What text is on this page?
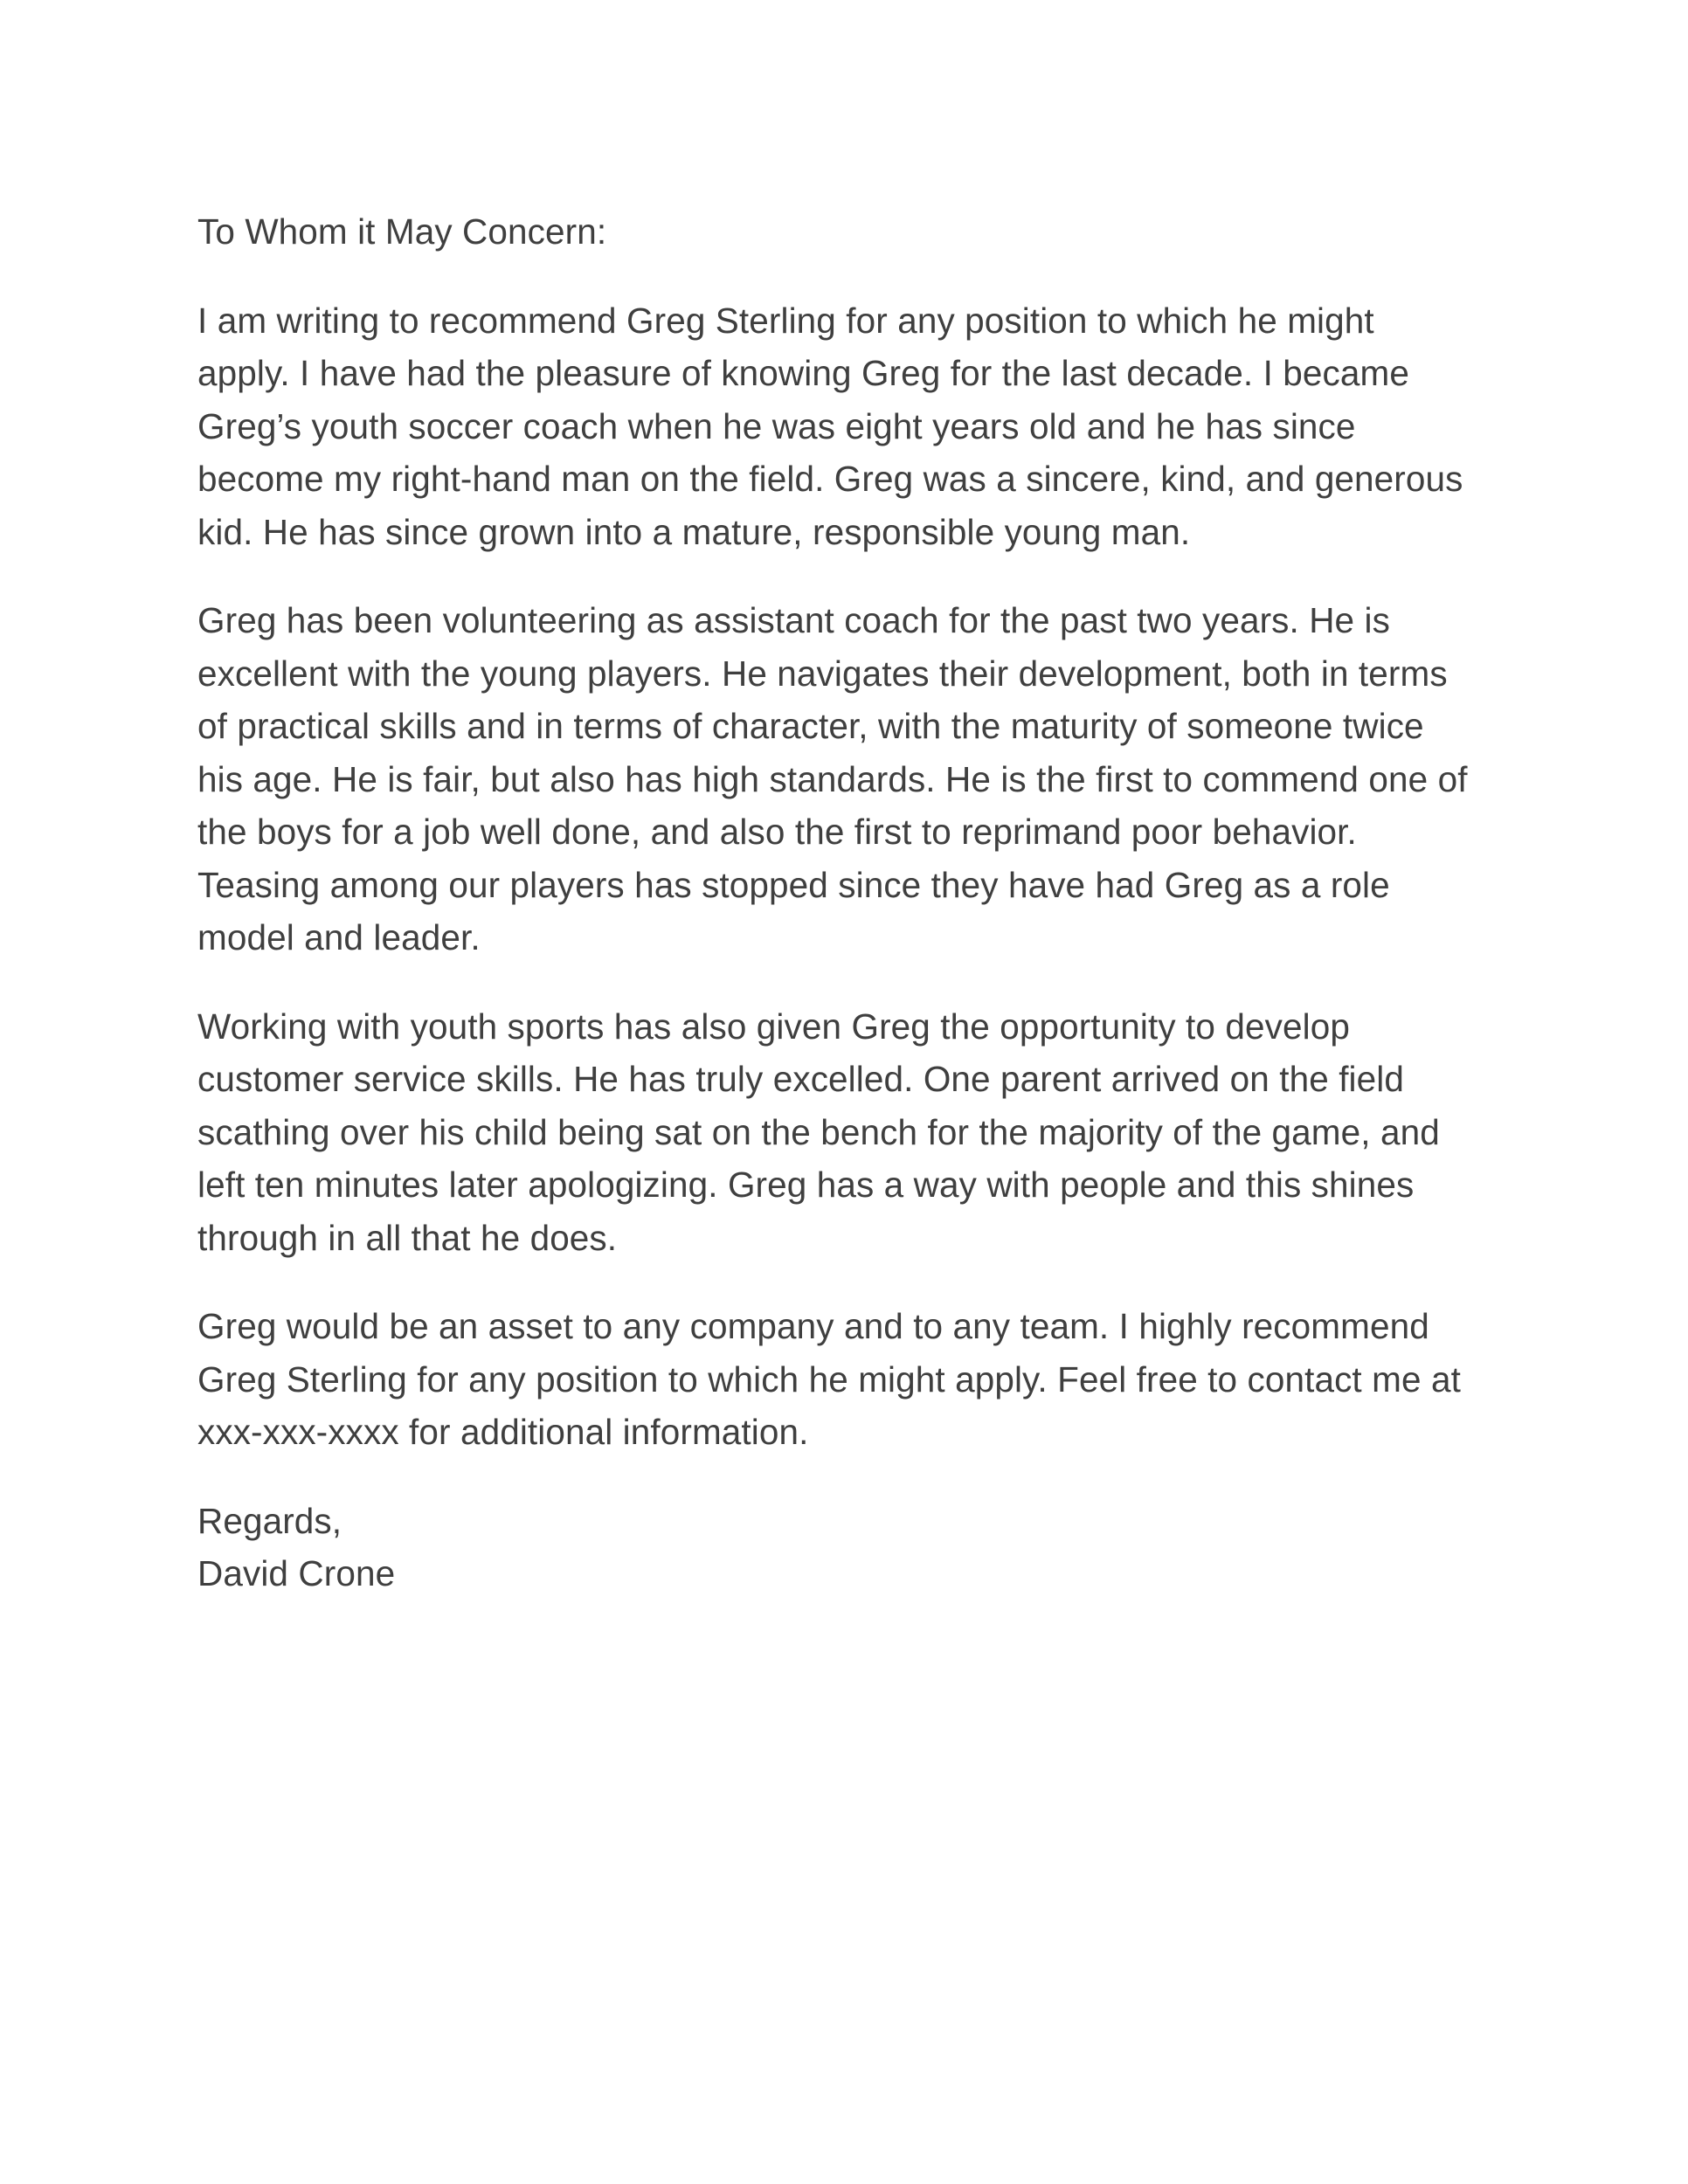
To Whom it May Concern:

I am writing to recommend Greg Sterling for any position to which he might
apply. I have had the pleasure of knowing Greg for the last decade. I became
Greg’s youth soccer coach when he was eight years old and he has since
become my right-hand man on the field. Greg was a sincere, kind, and generous
kid. He has since grown into a mature, responsible young man.

Greg has been volunteering as assistant coach for the past two years. He is
excellent with the young players. He navigates their development, both in terms
of practical skills and in terms of character, with the maturity of someone twice
his age. He is fair, but also has high standards. He is the first to commend one of
the boys for a job well done, and also the first to reprimand poor behavior.
Teasing among our players has stopped since they have had Greg as a role
model and leader.

Working with youth sports has also given Greg the opportunity to develop
customer service skills. He has truly excelled. One parent arrived on the field
scathing over his child being sat on the bench for the majority of the game, and
left ten minutes later apologizing. Greg has a way with people and this shines
through in all that he does.

Greg would be an asset to any company and to any team. I highly recommend
Greg Sterling for any position to which he might apply. Feel free to contact me at
xxx-xxx-xxxx for additional information.

Regards,
David Crone
